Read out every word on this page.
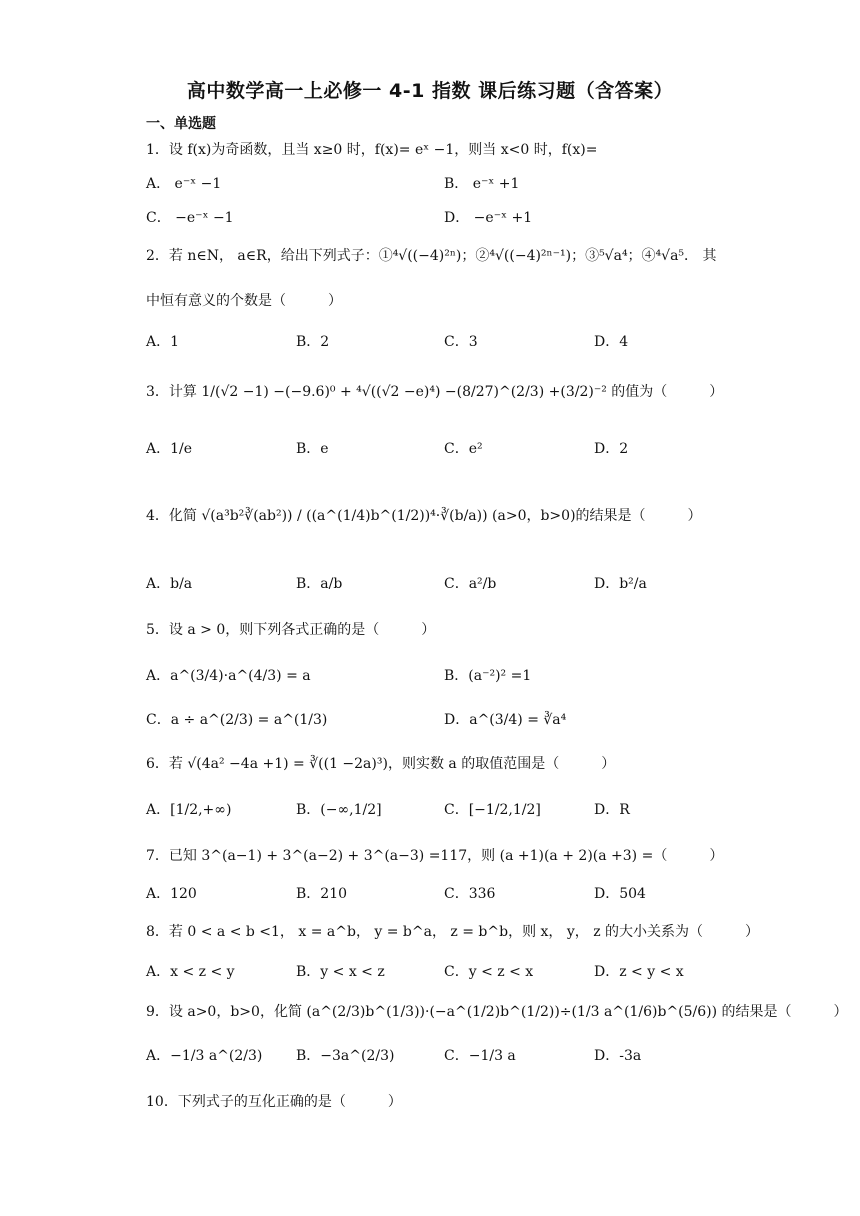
高中数学高一上必修一 4-1 指数 课后练习题（含答案）
一、单选题
1．设 f(x)为奇函数，且当 x≥0 时，f(x)= eˣ −1，则当 x<0 时，f(x)=
A． e⁻ˣ −1	B． e⁻ˣ +1
C． −e⁻ˣ −1	D． −e⁻ˣ +1
2．若 n∈N， a∈R，给出下列式子：①⁴√((−4)²ⁿ)；②⁴√((−4)²ⁿ⁻¹)；③⁵√a⁴；④⁴√a⁵． 其
中恒有意义的个数是（　　　）
A．1	B．2	C．3	D．4
3．计算 1/(√2 −1) −(−9.6)⁰ + ⁴√((√2 −e)⁴) −(8/27)^(2/3) +(3/2)⁻² 的值为（　　　）
A．1/e	B．e	C．e²	D．2
4．化简 √(a³b²∛(ab²)) / ((a^(1/4)b^(1/2))⁴·∛(b/a)) (a>0，b>0)的结果是（　　　）
A．b/a	B．a/b	C．a²/b	D．b²/a
5．设 a > 0，则下列各式正确的是（　　　）
A．a^(3/4)·a^(4/3) = a	B．(a⁻²)² =1
C．a ÷ a^(2/3) = a^(1/3)	D．a^(3/4) = ∛a⁴
6．若 √(4a² −4a +1) = ∛((1 −2a)³)，则实数 a 的取值范围是（　　　）
A．[1/2,+∞)	B．(−∞,1/2]	C．[−1/2,1/2]	D．R
7．已知 3^(a−1) + 3^(a−2) + 3^(a−3) =117，则 (a +1)(a + 2)(a +3) =（　　　）
A．120	B．210	C．336	D．504
8．若 0 < a < b <1， x = a^b， y = b^a， z = b^b，则 x， y， z 的大小关系为（　　　）
A．x < z < y	B．y < x < z	C．y < z < x	D．z < y < x
9．设 a>0，b>0，化简 (a^(2/3)b^(1/3))·(−a^(1/2)b^(1/2))÷(1/3 a^(1/6)b^(5/6)) 的结果是（　　　）
A．−1/3 a^(2/3) B．−3a^(2/3)	C．−1/3 a	D．-3a
10．下列式子的互化正确的是（　　　）
